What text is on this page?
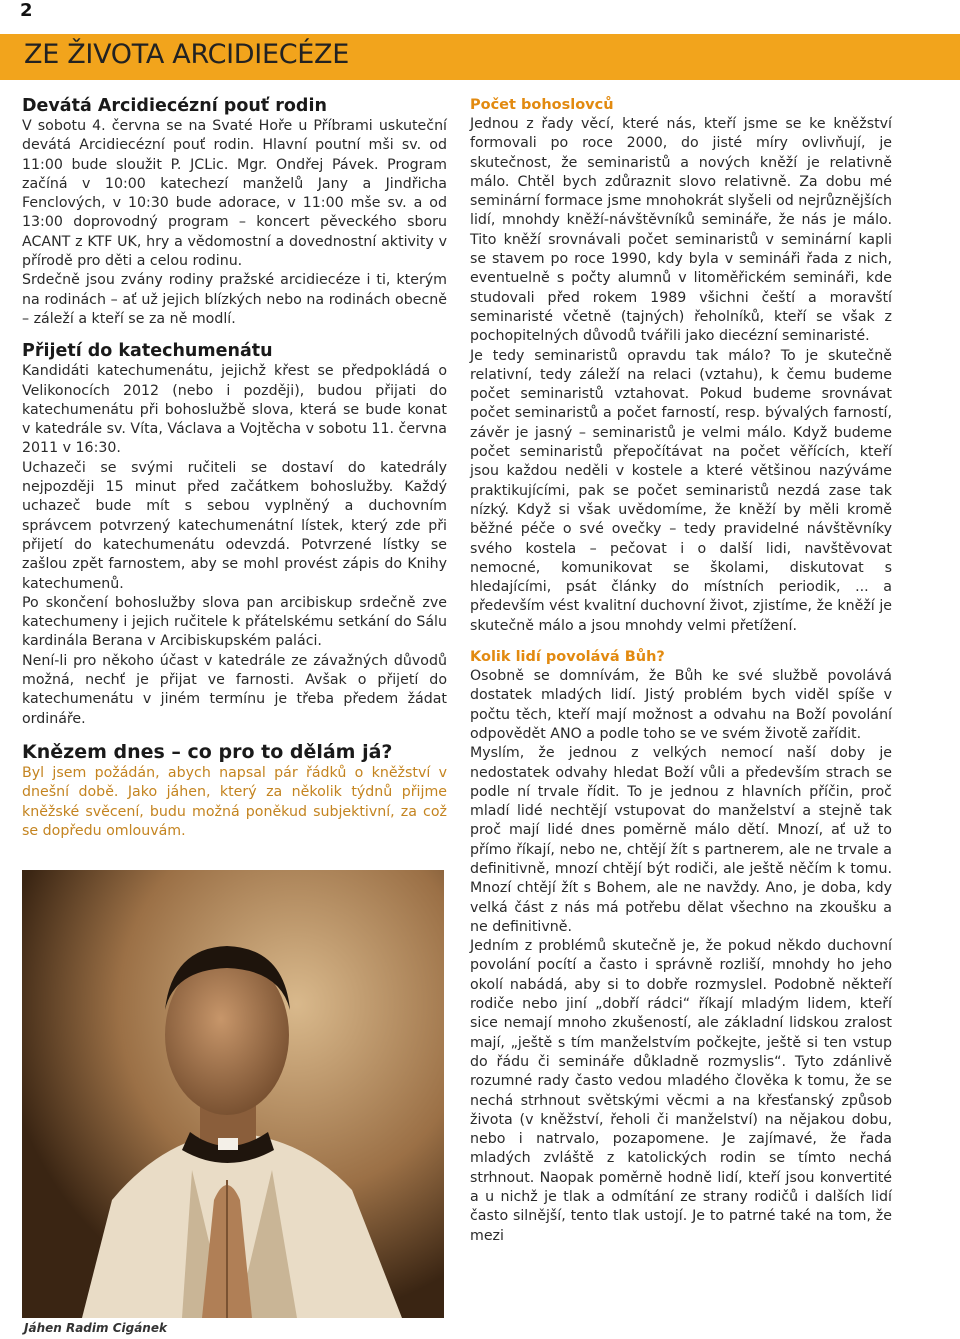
2
ZE ŽIVOTA ARCIDIECÉZE
Devátá Arcidiecézní pouť rodin

V sobotu 4. června se na Svaté Hoře u Příbrami uskuteční devátá Arcidiecézní pouť rodin. Hlavní poutní mši sv. od 11:00 bude sloužit P. JCLic. Mgr. Ondřej Pávek. Program začíná v 10:00 katechezí manželů Jany a Jindřicha Fenclových, v 10:30 bude adorace, v 11:00 mše sv. a od 13:00 doprovodný program – koncert pěveckého sboru ACANT z KTF UK, hry a vědomostní a dovednostní aktivity v přírodě pro děti a celou rodinu.

Srdečně jsou zvány rodiny pražské arcidiecéze i ti, kterým na rodinách – ať už jejich blízkých nebo na rodinách obecně – záleží a kteří se za ně modlí.

Přijetí do katechumenátu

Kandidáti katechumenátu, jejichž křest se předpokládá o Velikonocích 2012 (nebo i později), budou přijati do katechumenátu při bohoslužbě slova, která se bude konat v katedrále sv. Víta, Václava a Vojtěcha v sobotu 11. června 2011 v 16:30.

Uchazeči se svými ručiteli se dostaví do katedrály nejpozději 15 minut před začátkem bohoslužby. Každý uchazeč bude mít s sebou vyplněný a duchovním správcem potvrzený katechumenátní lístek, který zde při přijetí do katechumenátu odevzdá. Potvrzené lístky se zašlou zpět farnostem, aby se mohl provést zápis do Knihy katechumenů.

Po skončení bohoslužby slova pan arcibiskup srdečně zve katechumeny i jejich ručitele k přátelskému setkání do Sálu kardinála Berana v Arcibiskupském paláci.

Není-li pro někoho účast v katedrále ze závažných důvodů možná, nechť je přijat ve farnosti. Avšak o přijetí do katechumenátu v jiném termínu je třeba předem žádat ordináře.

Knězem dnes – co pro to dělám já?

Byl jsem požádán, abych napsal pár řádků o kněžství v dnešní době. Jako jáhen, který za několik týdnů přijme kněžské svěcení, budu možná poněkud subjektivní, za což se dopředu omlouvám.

Jáhen Radim Cigánek
Počet bohoslovců

Jednou z řady věcí, které nás, kteří jsme se ke kněžství formovali po roce 2000, do jisté míry ovlivňují, je skutečnost, že seminaristů a nových kněží je relativně málo. Chtěl bych zdůraznit slovo relativně. Za dobu mé seminární formace jsme mnohokrát slyšeli od nejrůznějších lidí, mnohdy kněží-návštěvníků semináře, že nás je málo. Tito kněží srovnávali počet seminaristů v seminární kapli se stavem po roce 1990, kdy byla v semináři řada z nich, eventuelně s počty alumnů v litoměřickém semináři, kde studovali před rokem 1989 všichni čeští a moravští seminaristé včetně (tajných) řeholníků, kteří se však z pochopitelných důvodů tvářili jako diecézní seminaristé.

Je tedy seminaristů opravdu tak málo? To je skutečně relativní, tedy záleží na relaci (vztahu), k čemu budeme počet seminaristů vztahovat. Pokud budeme srovnávat počet seminaristů a počet farností, resp. bývalých farností, závěr je jasný – seminaristů je velmi málo. Když budeme počet seminaristů přepočítávat na počet věřících, kteří jsou každou neděli v kostele a které většinou nazýváme praktikujícími, pak se počet seminaristů nezdá zase tak nízký. Když si však uvědomíme, že kněží by měli kromě běžné péče o své ovečky – tedy pravidelné návštěvníky svého kostela – pečovat i o další lidi, navštěvovat nemocné, komunikovat se školami, diskutovat s hledajícími, psát články do místních periodik, ... a především vést kvalitní duchovní život, zjistíme, že kněží je skutečně málo a jsou mnohdy velmi přetížení.

Kolik lidí povolává Bůh?

Osobně se domnívám, že Bůh ke své službě povolává dostatek mladých lidí. Jistý problém bych viděl spíše v počtu těch, kteří mají možnost a odvahu na Boží povolání odpovědět ANO a podle toho se ve svém životě zařídit.

Myslím, že jednou z velkých nemocí naší doby je nedostatek odvahy hledat Boží vůli a především strach se podle ní trvale řídit. To je jednou z hlavních příčin, proč mladí lidé nechtějí vstupovat do manželství a stejně tak proč mají lidé dnes poměrně málo dětí. Mnozí, ať už to přímo říkají, nebo ne, chtějí žít s partnerem, ale ne trvale a definitivně, mnozí chtějí být rodiči, ale ještě něčím k tomu. Mnozí chtějí žít s Bohem, ale ne navždy. Ano, je doba, kdy velká část z nás má potřebu dělat všechno na zkoušku a ne definitivně.

Jedním z problémů skutečně je, že pokud někdo duchovní povolání pocítí a často i správně rozliší, mnohdy ho jeho okolí nabádá, aby si to dobře rozmyslel. Podobně někteří rodiče nebo jiní „dobří rádci“ říkají mladým lidem, kteří sice nemají mnoho zkušeností, ale základní lidskou zralost mají, „ještě s tím manželstvím počkejte, ještě si ten vstup do řádu či semináře důkladně rozmyslis“. Tyto zdánlivě rozumné rady často vedou mladého člověka k tomu, že se nechá strhnout světskými věcmi a na křesťanský způsob života (v kněžství, řeholi či manželství) na nějakou dobu, nebo i natrvalo, pozapomene. Je zajímavé, že řada mladých zvláště z katolických rodin se tímto nechá strhnout. Naopak poměrně hodně lidí, kteří jsou konvertité a u nichž je tlak a odmítání ze strany rodičů i dalších lidí často silnější, tento tlak ustojí. Je to patrné také na tom, že mezi
